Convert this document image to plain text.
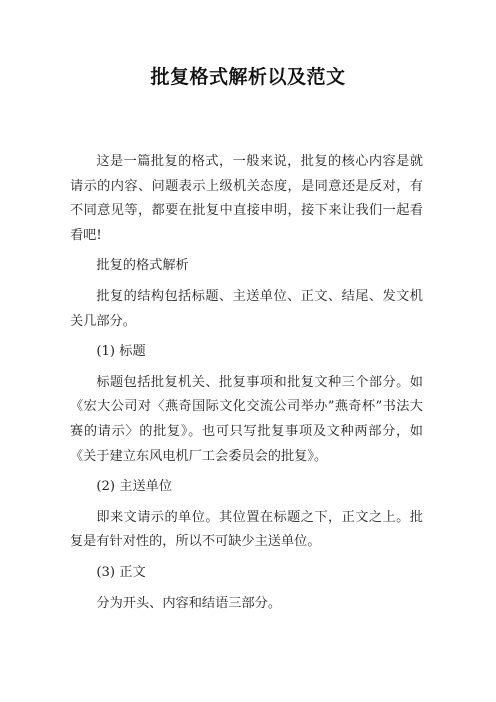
批复格式解析以及范文

这是一篇批复的格式，一般来说，批复的核心内容是就请示的内容、问题表示上级机关态度，是同意还是反对，有不同意见等，都要在批复中直接申明，接下来让我们一起看看吧!

批复的格式解析

批复的结构包括标题、主送单位、正文、结尾、发文机关几部分。

(1) 标题

标题包括批复机关、批复事项和批复文种三个部分。如《宏大公司对〈燕奇国际文化交流公司举办”燕奇杯”书法大赛的请示〉的批复》。也可只写批复事项及文种两部分，如《关于建立东风电机厂工会委员会的批复》。

(2) 主送单位

即来文请示的单位。其位置在标题之下，正文之上。批复是有针对性的，所以不可缺少主送单位。

(3) 正文

分为开头、内容和结语三部分。
